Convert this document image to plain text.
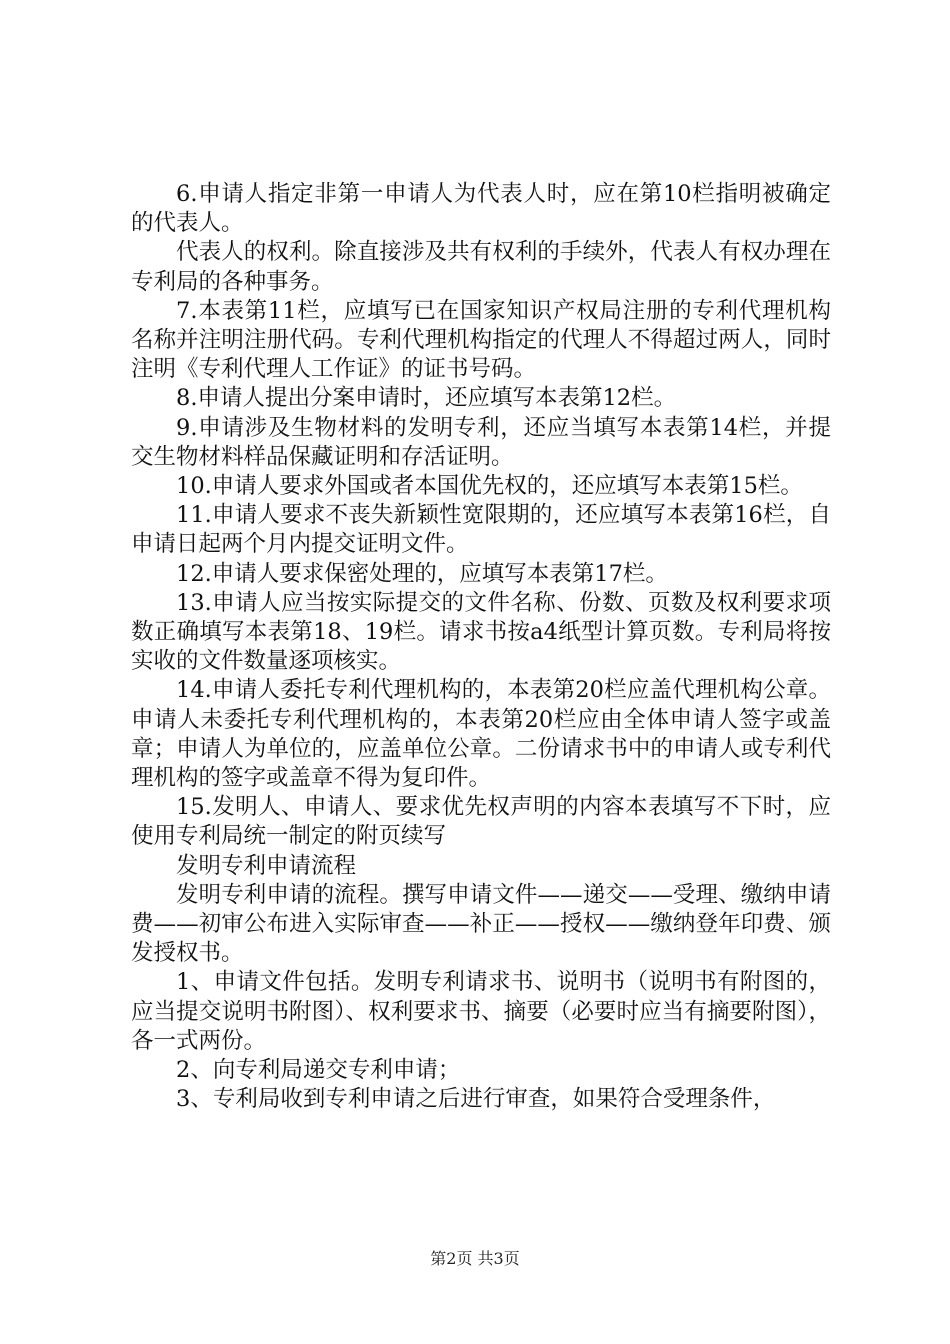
6.申请人指定非第一申请人为代表人时，应在第10栏指明被确定的代表人。

代表人的权利。除直接涉及共有权利的手续外，代表人有权办理在专利局的各种事务。

7.本表第11栏，应填写已在国家知识产权局注册的专利代理机构名称并注明注册代码。专利代理机构指定的代理人不得超过两人，同时注明《专利代理人工作证》的证书号码。

8.申请人提出分案申请时，还应填写本表第12栏。

9.申请涉及生物材料的发明专利，还应当填写本表第14栏，并提交生物材料样品保藏证明和存活证明。

10.申请人要求外国或者本国优先权的，还应填写本表第15栏。

11.申请人要求不丧失新颖性宽限期的，还应填写本表第16栏，自申请日起两个月内提交证明文件。

12.申请人要求保密处理的，应填写本表第17栏。

13.申请人应当按实际提交的文件名称、份数、页数及权利要求项数正确填写本表第18、19栏。请求书按a4纸型计算页数。专利局将按实收的文件数量逐项核实。

14.申请人委托专利代理机构的，本表第20栏应盖代理机构公章。申请人未委托专利代理机构的，本表第20栏应由全体申请人签字或盖章；申请人为单位的，应盖单位公章。二份请求书中的申请人或专利代理机构的签字或盖章不得为复印件。

15.发明人、申请人、要求优先权声明的内容本表填写不下时，应使用专利局统一制定的附页续写

发明专利申请流程

发明专利申请的流程。撰写申请文件——递交——受理、缴纳申请费——初审公布进入实际审查——补正——授权——缴纳登年印费、颁发授权书。

1、申请文件包括。发明专利请求书、说明书（说明书有附图的，应当提交说明书附图）、权利要求书、摘要（必要时应当有摘要附图），各一式两份。

2、向专利局递交专利申请；

3、专利局收到专利申请之后进行审查，如果符合受理条件，

第2页 共3页
